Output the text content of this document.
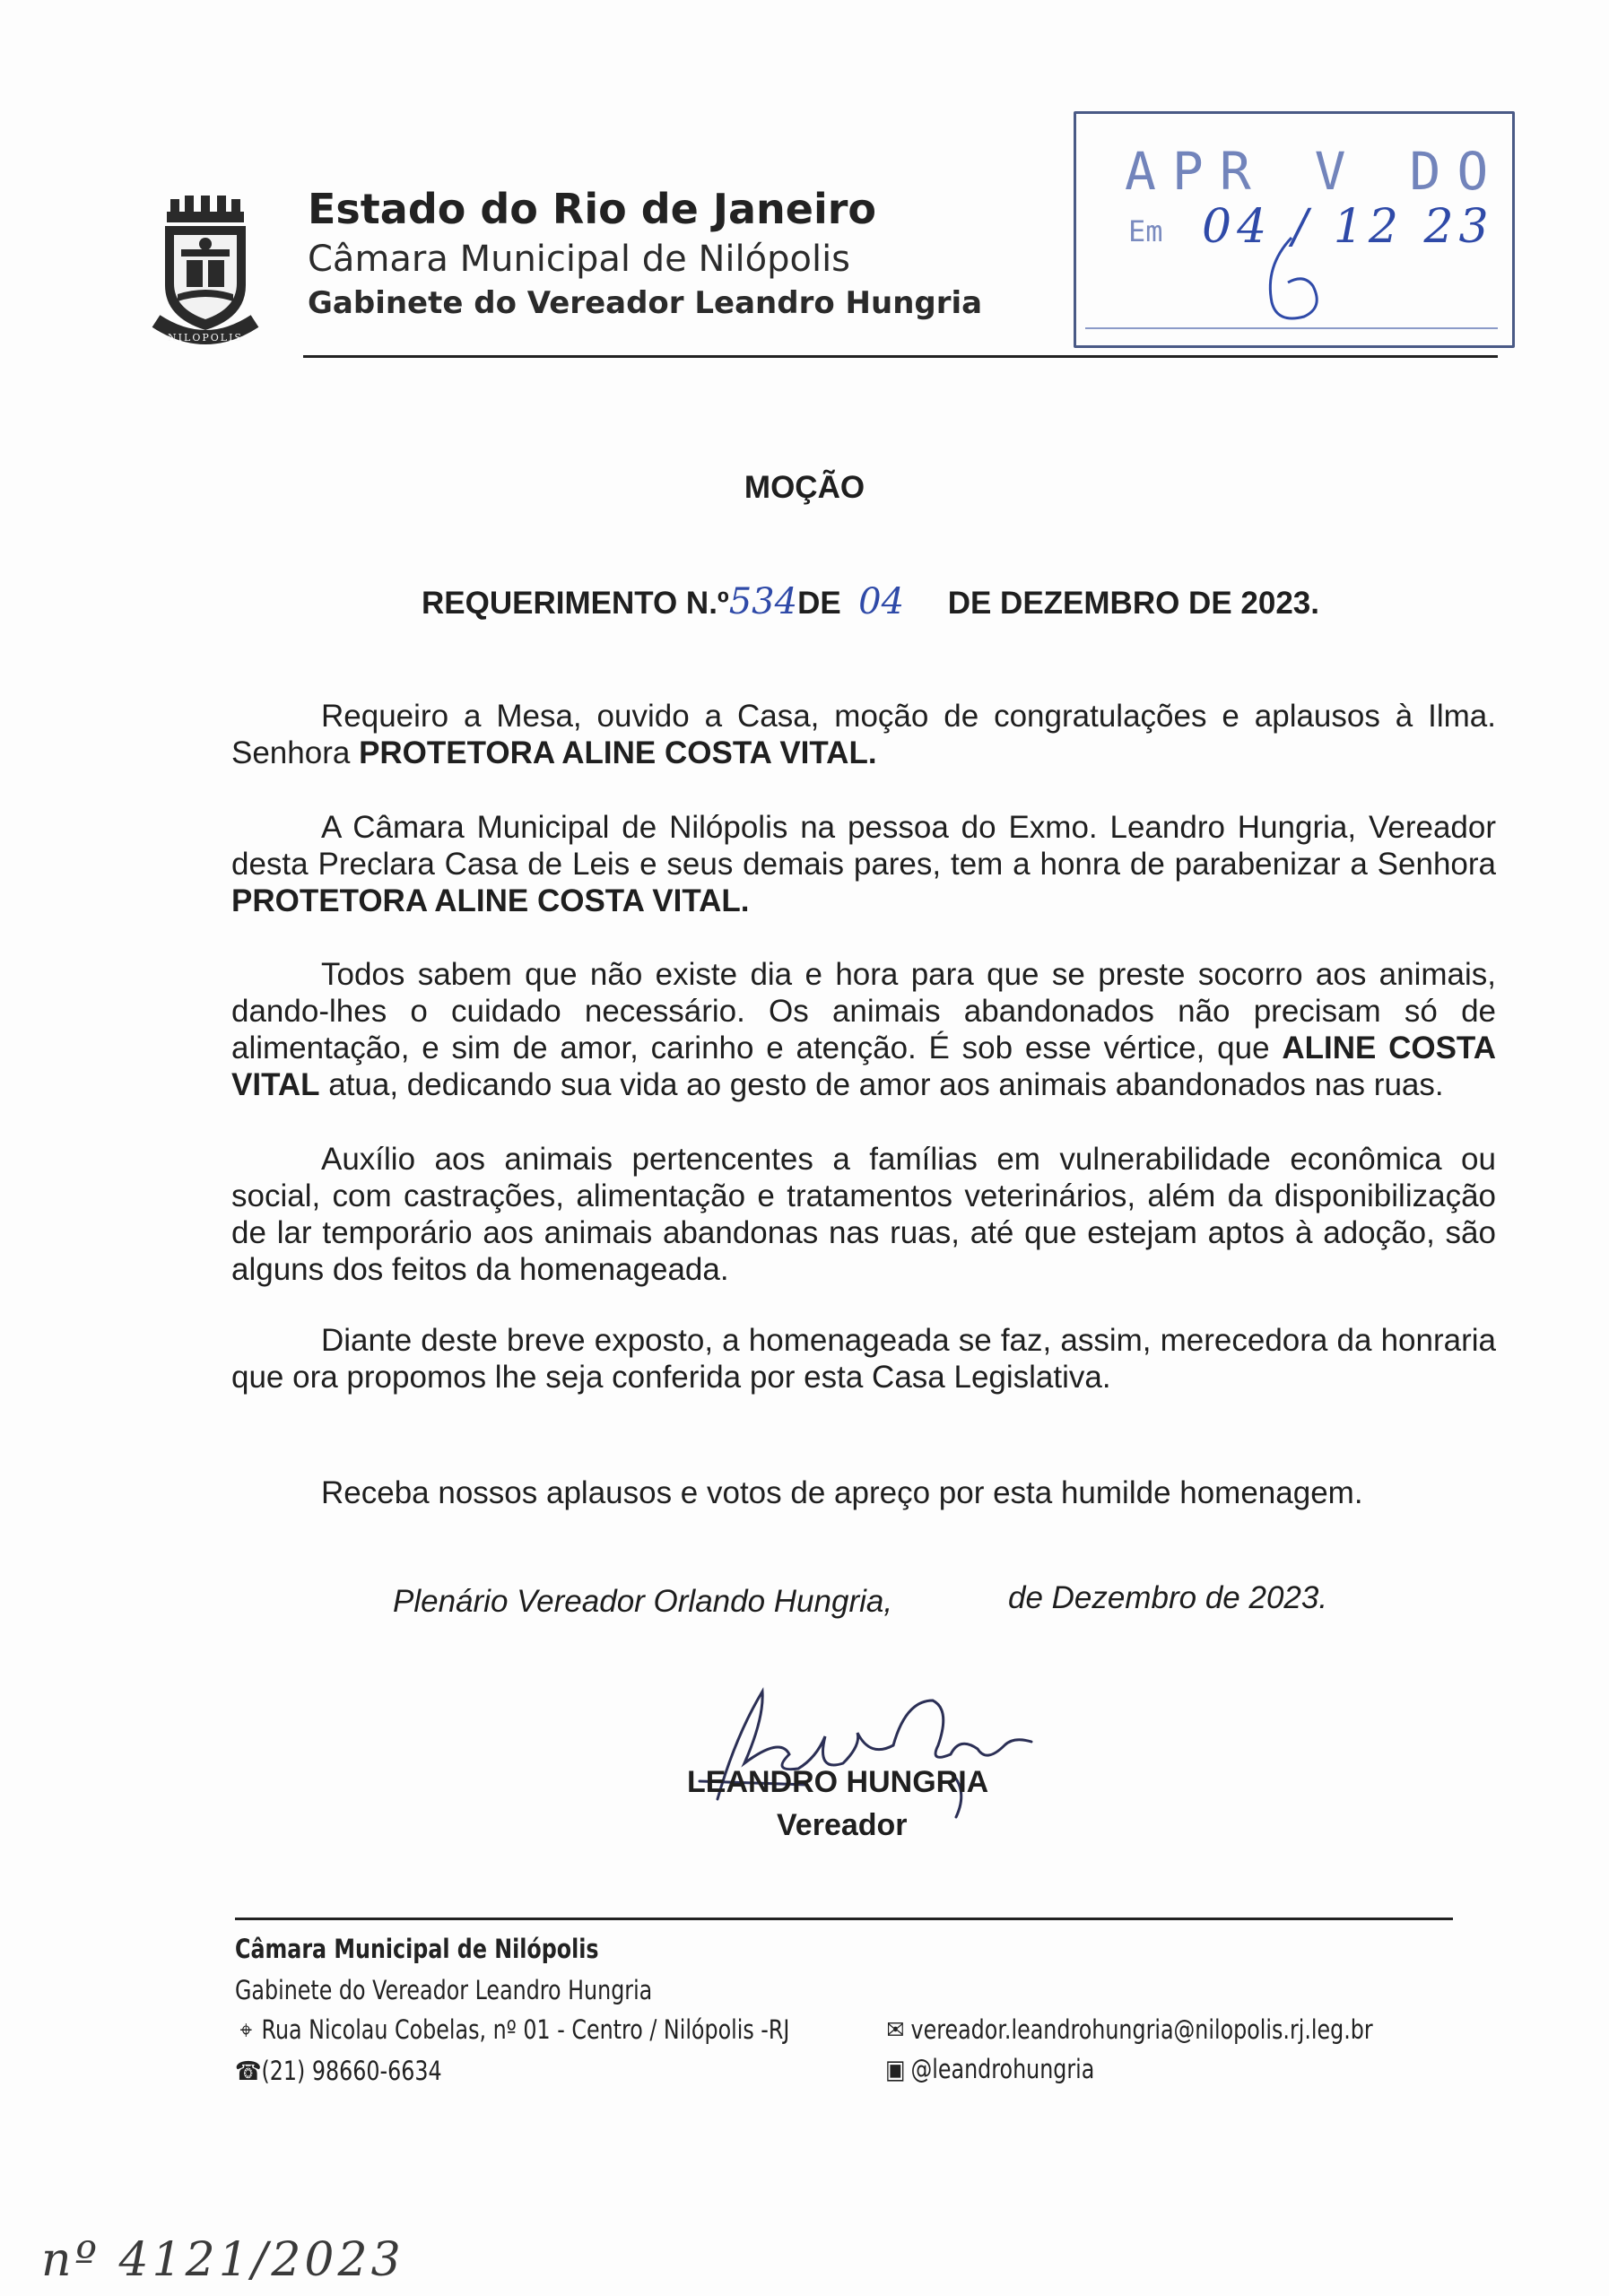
NILOPOLIS
Estado do Rio de Janeiro
Câmara Municipal de Nilópolis
Gabinete do Vereador Leandro Hungria
APR V DO
Em 04 / 12 23
MOÇÃO
REQUERIMENTO N.º534DE 04 DE DEZEMBRO DE 2023.
Requeiro a Mesa, ouvido a Casa, moção de congratulações e aplausos à Ilma. Senhora PROTETORA ALINE COSTA VITAL.
A Câmara Municipal de Nilópolis na pessoa do Exmo. Leandro Hungria, Vereador desta Preclara Casa de Leis e seus demais pares, tem a honra de parabenizar a Senhora PROTETORA ALINE COSTA VITAL.
Todos sabem que não existe dia e hora para que se preste socorro aos animais, dando-lhes o cuidado necessário. Os animais abandonados não precisam só de alimentação, e sim de amor, carinho e atenção. É sob esse vértice, que ALINE COSTA VITAL atua, dedicando sua vida ao gesto de amor aos animais abandonados nas ruas.
Auxílio aos animais pertencentes a famílias em vulnerabilidade econômica ou social, com castrações, alimentação e tratamentos veterinários, além da disponibilização de lar temporário aos animais abandonas nas ruas, até que estejam aptos à adoção, são alguns dos feitos da homenageada.
Diante deste breve exposto, a homenageada se faz, assim, merecedora da honraria que ora propomos lhe seja conferida por esta Casa Legislativa.
Receba nossos aplausos e votos de apreço por esta humilde homenagem.
Plenário Vereador Orlando Hungria,	de Dezembro de 2023.
LEANDRO HUNGRIA
Vereador
Câmara Municipal de Nilópolis
Gabinete do Vereador Leandro Hungria
⌖ Rua Nicolau Cobelas, nº 01 - Centro / Nilópolis -RJ
☎(21) 98660-6634
✉ vereador.leandrohungria@nilopolis.rj.leg.br
▣ @leandrohungria
nº 4121/2023
